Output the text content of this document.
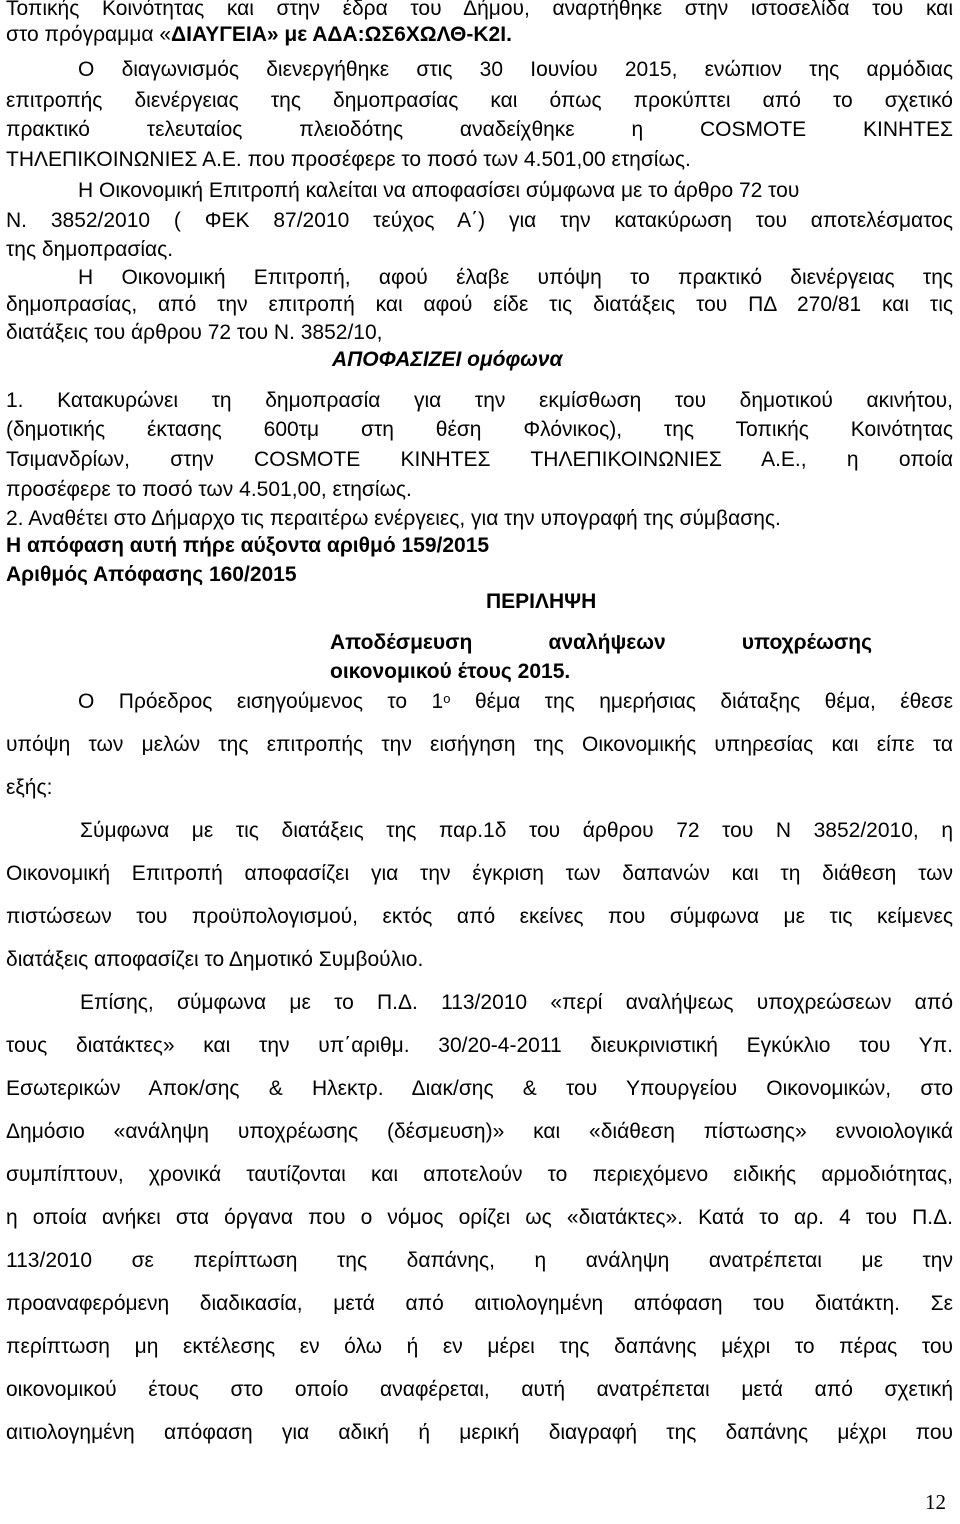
Τοπικής Κοινότητας και στην έδρα του Δήμου, αναρτήθηκε στην ιστοσελίδα του και
στο πρόγραμμα «ΔΙΑΥΓΕΙΑ» με ΑΔΑ:ΩΣ6ΧΩΛΘ-Κ2Ι.
Ο διαγωνισμός διενεργήθηκε στις 30 Ιουνίου 2015, ενώπιον της αρμόδιας
επιτροπής διενέργειας της δημοπρασίας και όπως προκύπτει από το σχετικό
πρακτικό τελευταίος πλειοδότης αναδείχθηκε η COSMOTE ΚΙΝΗΤΕΣ
ΤΗΛΕΠΙΚΟΙΝΩΝΙΕΣ Α.Ε. που προσέφερε το ποσό των 4.501,00 ετησίως.
Η Οικονομική Επιτροπή καλείται να αποφασίσει σύμφωνα με το άρθρο 72 του
Ν. 3852/2010 ( ΦΕΚ 87/2010 τεύχος Α΄) για την κατακύρωση του αποτελέσματος
της δημοπρασίας.
Η Οικονομική Επιτροπή, αφού έλαβε υπόψη το πρακτικό διενέργειας της
δημοπρασίας, από την επιτροπή και αφού είδε τις διατάξεις του ΠΔ 270/81 και τις
διατάξεις του άρθρου 72 του Ν. 3852/10,
ΑΠΟΦΑΣΙΖΕΙ ομόφωνα
1. Κατακυρώνει τη δημοπρασία για την εκμίσθωση του δημοτικού ακινήτου,
(δημοτικής έκτασης 600τμ στη θέση Φλόνικος), της Τοπικής Κοινότητας
Τσιμανδρίων, στην COSMOTE ΚΙΝΗΤΕΣ ΤΗΛΕΠΙΚΟΙΝΩΝΙΕΣ Α.Ε., η οποία
προσέφερε το ποσό των 4.501,00, ετησίως.
2. Αναθέτει στο Δήμαρχο τις περαιτέρω ενέργειες, για την υπογραφή της σύμβασης.
Η απόφαση αυτή πήρε αύξοντα αριθμό 159/2015
Αριθμός Απόφασης 160/2015
ΠΕΡΙΛΗΨΗ
Αποδέσμευση αναλήψεων υποχρέωσης
οικονομικού έτους 2015.
Ο Πρόεδρος εισηγούμενος το $1^o$ θέμα της ημερήσιας διάταξης θέμα, έθεσε
υπόψη των μελών της επιτροπής την εισήγηση της Οικονομικής υπηρεσίας και είπε τα
εξής:
Σύμφωνα με τις διατάξεις της παρ.1δ του άρθρου 72 του Ν 3852/2010, η
Οικονομική Επιτροπή αποφασίζει για την έγκριση των δαπανών και τη διάθεση των
πιστώσεων του προϋπολογισμού, εκτός από εκείνες που σύμφωνα με τις κείμενες
διατάξεις αποφασίζει το Δημοτικό Συμβούλιο.
Επίσης, σύμφωνα με το Π.Δ. 113/2010 «περί αναλήψεως υποχρεώσεων από
τους διατάκτες» και την υπ΄αριθμ. 30/20-4-2011 διευκρινιστική Εγκύκλιο του Υπ.
Εσωτερικών Αποκ/σης & Ηλεκτρ. Διακ/σης & του Υπουργείου Οικονομικών, στο
Δημόσιο «ανάληψη υποχρέωσης (δέσμευση)» και «διάθεση πίστωσης» εννοιολογικά
συμπίπτουν, χρονικά ταυτίζονται και αποτελούν το περιεχόμενο ειδικής αρμοδιότητας,
η οποία ανήκει στα όργανα που ο νόμος ορίζει ως «διατάκτες». Κατά το αρ. 4 του Π.Δ.
113/2010 σε περίπτωση της δαπάνης, η ανάληψη ανατρέπεται με την
προαναφερόμενη διαδικασία, μετά από αιτιολογημένη απόφαση του διατάκτη. Σε
περίπτωση μη εκτέλεσης εν όλω ή εν μέρει της δαπάνης μέχρι το πέρας του
οικονομικού έτους στο οποίο αναφέρεται, αυτή ανατρέπεται μετά από σχετική
αιτιολογημένη απόφαση για αδική ή μερική διαγραφή της δαπάνης μέχρι που
12
